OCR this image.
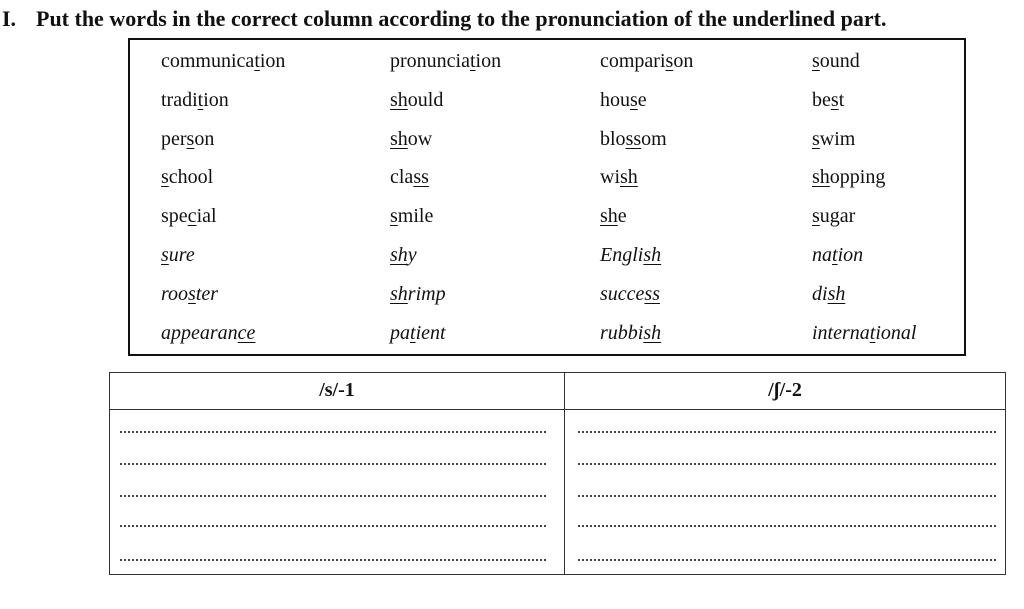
I. Put the words in the correct column according to the pronunciation of the underlined part.
communication	pronunciation	comparison	sound
tradition	should	house	best
person	show	blossom	swim
school	class	wish	shopping
special	smile	she	sugar
sure	shy	English	nation
rooster	shrimp	success	dish
appearance	patient	rubbish	international
/s/-1	/ʃ/-2
